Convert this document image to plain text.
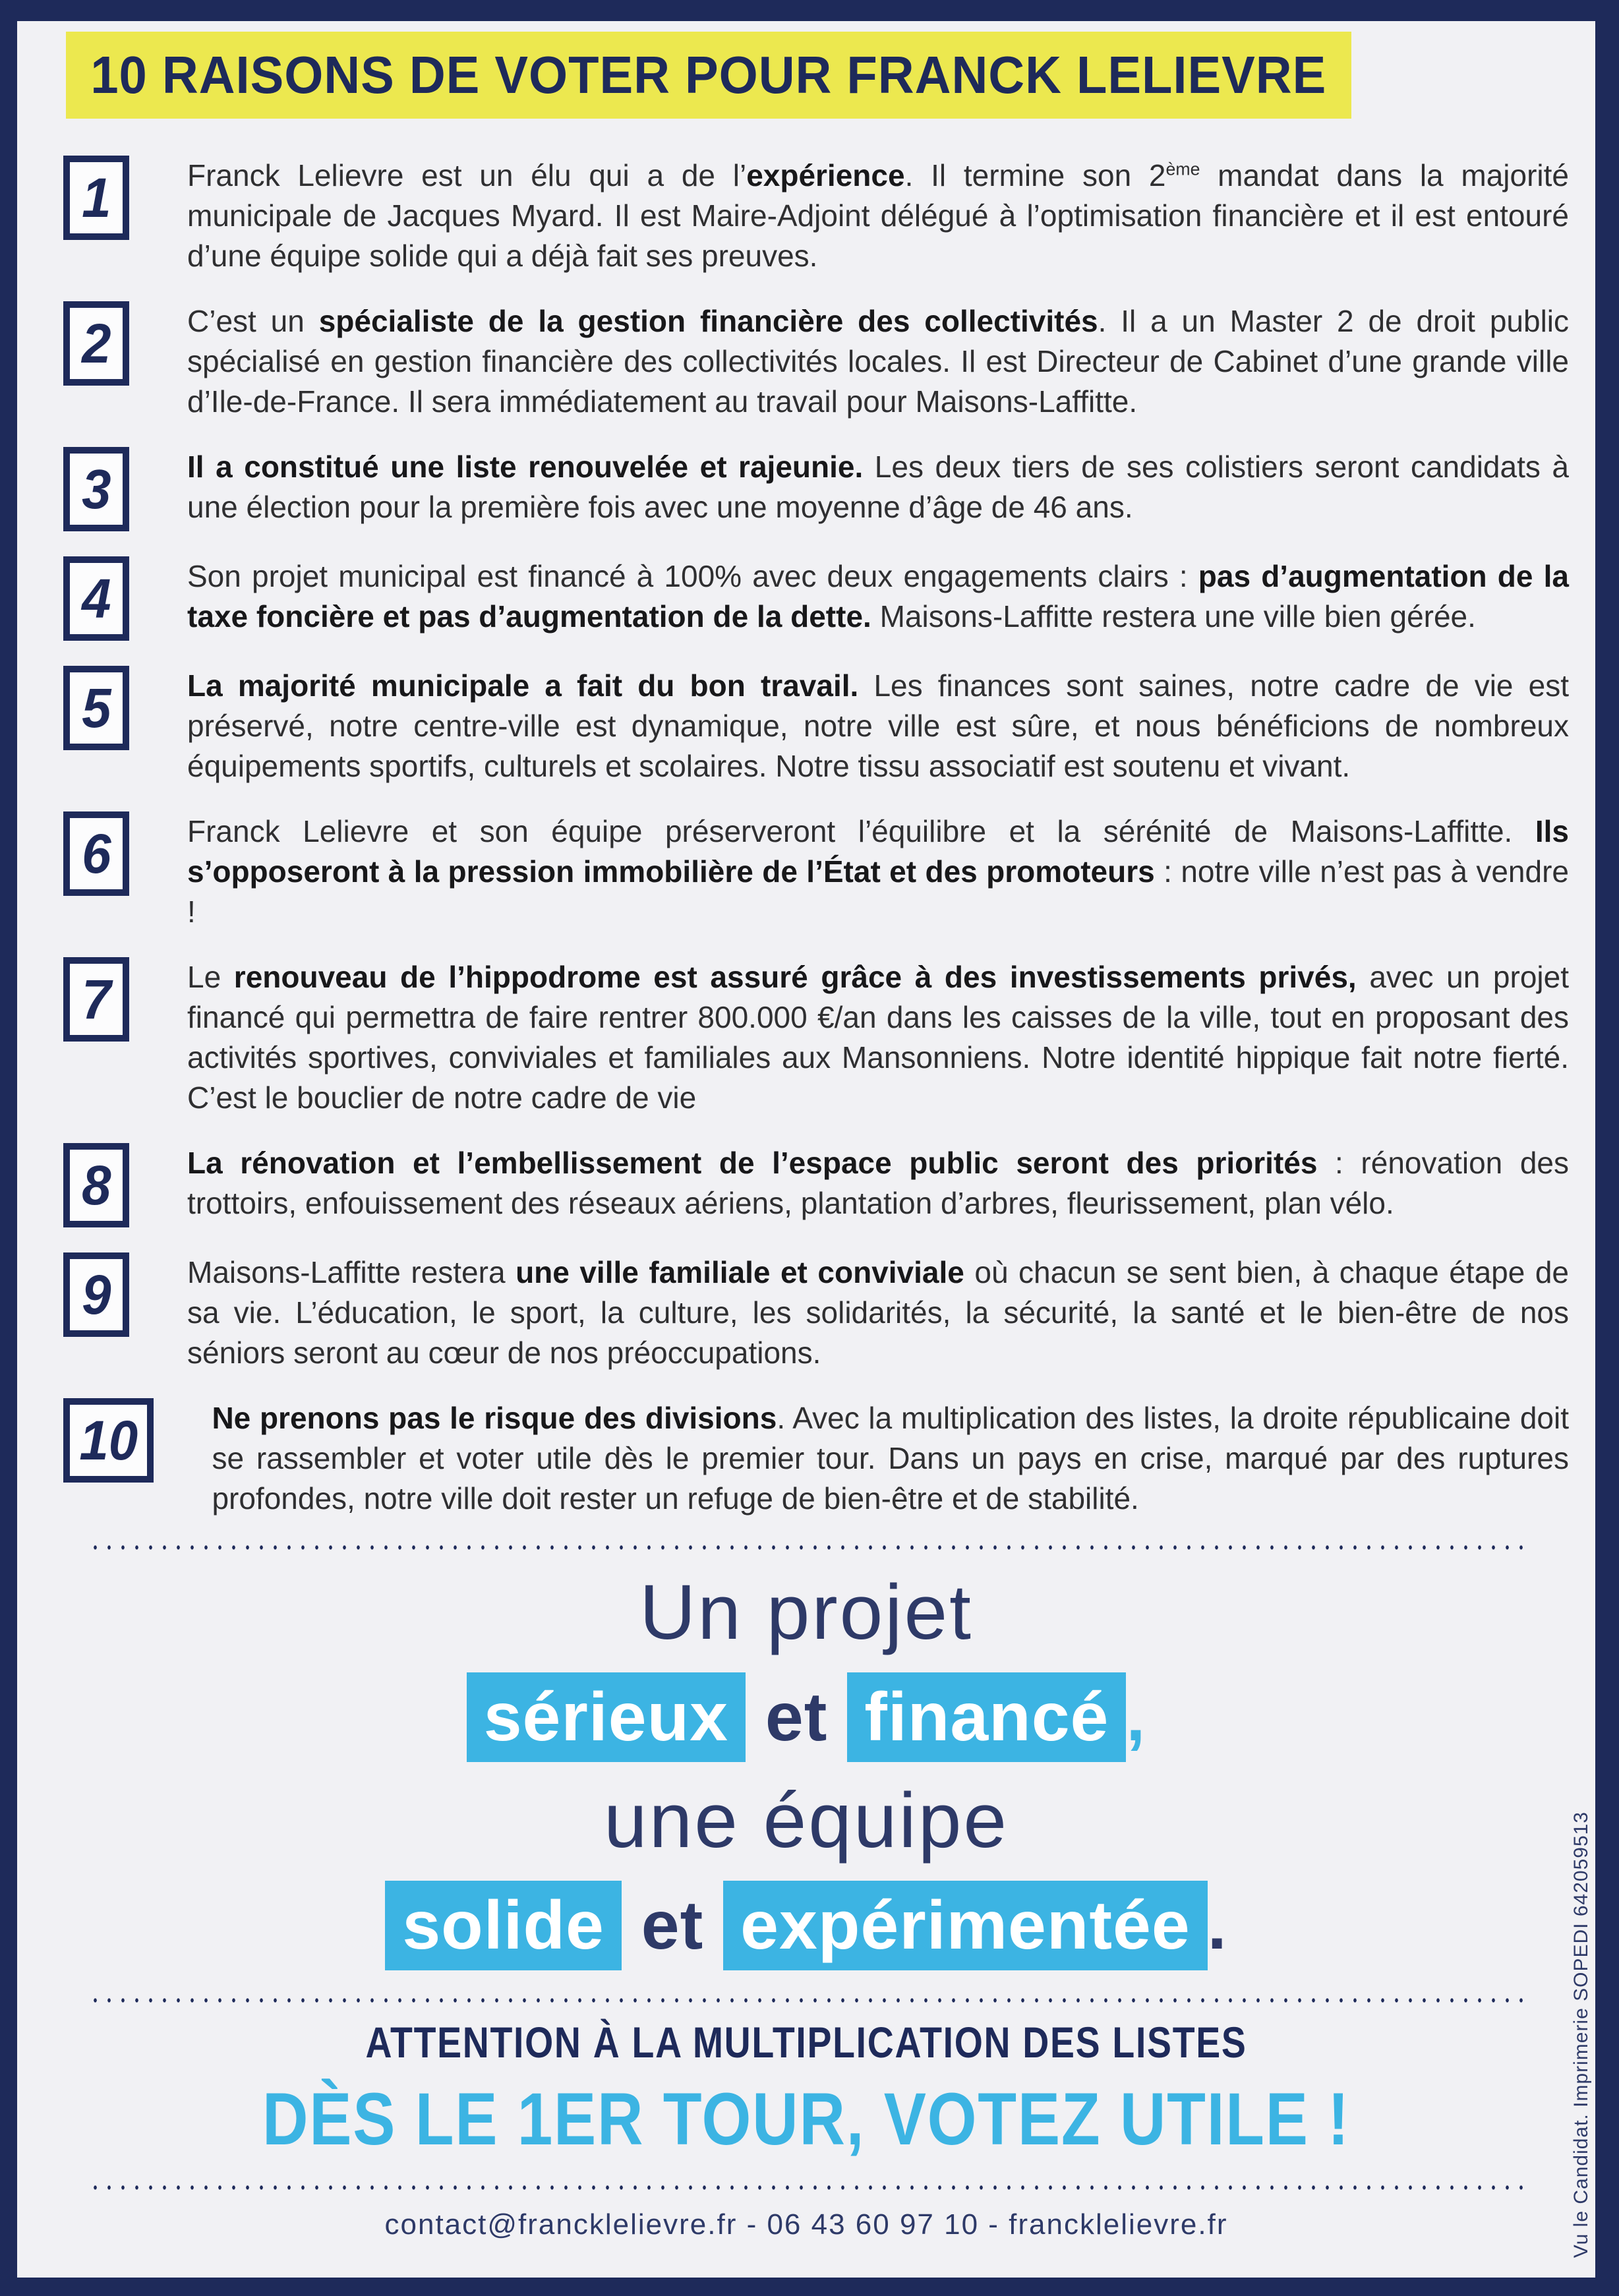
10 RAISONS DE VOTER POUR FRANCK LELIEVRE
1	Franck Lelievre est un élu qui a de l’expérience. Il termine son 2ème mandat dans la majorité municipale de Jacques Myard. Il est Maire-Adjoint délégué à l’optimisation financière et il est entouré d’une équipe solide qui a déjà fait ses preuves.

2	C’est un spécialiste de la gestion financière des collectivités. Il a un Master 2 de droit public spécialisé en gestion financière des collectivités locales. Il est Directeur de Cabinet d’une grande ville d’Ile-de-France. Il sera immédiatement au travail pour Maisons-Laffitte.

3	Il a constitué une liste renouvelée et rajeunie. Les deux tiers de ses colistiers seront candidats à une élection pour la première fois avec une moyenne d’âge de 46 ans.

4	Son projet municipal est financé à 100% avec deux engagements clairs : pas d’augmentation de la taxe foncière et pas d’augmentation de la dette. Maisons-Laffitte restera une ville bien gérée.

5	La majorité municipale a fait du bon travail. Les finances sont saines, notre cadre de vie est préservé, notre centre-ville est dynamique, notre ville est sûre, et nous bénéficions de nombreux équipements sportifs, culturels et scolaires. Notre tissu associatif est soutenu et vivant.

6	Franck Lelievre et son équipe préserveront l’équilibre et la sérénité de Maisons-Laffitte. Ils s’opposeront à la pression immobilière de l’État et des promoteurs : notre ville n’est pas à vendre !

7	Le renouveau de l’hippodrome est assuré grâce à des investissements privés, avec un projet financé qui permettra de faire rentrer 800.000 €/an dans les caisses de la ville, tout en proposant des activités sportives, conviviales et familiales aux Mansonniens. Notre identité hippique fait notre fierté. C’est le bouclier de notre cadre de vie

8	La rénovation et l’embellissement de l’espace public seront des priorités : rénovation des trottoirs, enfouissement des réseaux aériens, plantation d’arbres, fleurissement, plan vélo.

9	Maisons-Laffitte restera une ville familiale et conviviale où chacun se sent bien, à chaque étape de sa vie. L’éducation, le sport, la culture, les solidarités, la sécurité, la santé et le bien-être de nos séniors seront au cœur de nos préoccupations.

10 Ne prenons pas le risque des divisions. Avec la multiplication des listes, la droite républicaine doit se rassembler et voter utile dès le premier tour. Dans un pays en crise, marqué par des ruptures profondes, notre ville doit rester un refuge de bien-être et de stabilité.

Un projet
sérieux et financé ,
une équipe
solide et expérimentée .
ATTENTION À LA MULTIPLICATION DES LISTES
DÈS LE 1ER TOUR, VOTEZ UTILE !
contact@francklelievre.fr - 06 43 60 97 10 - francklelievre.fr	Vu le Candidat. Imprimerie SOPEDI 642059513
